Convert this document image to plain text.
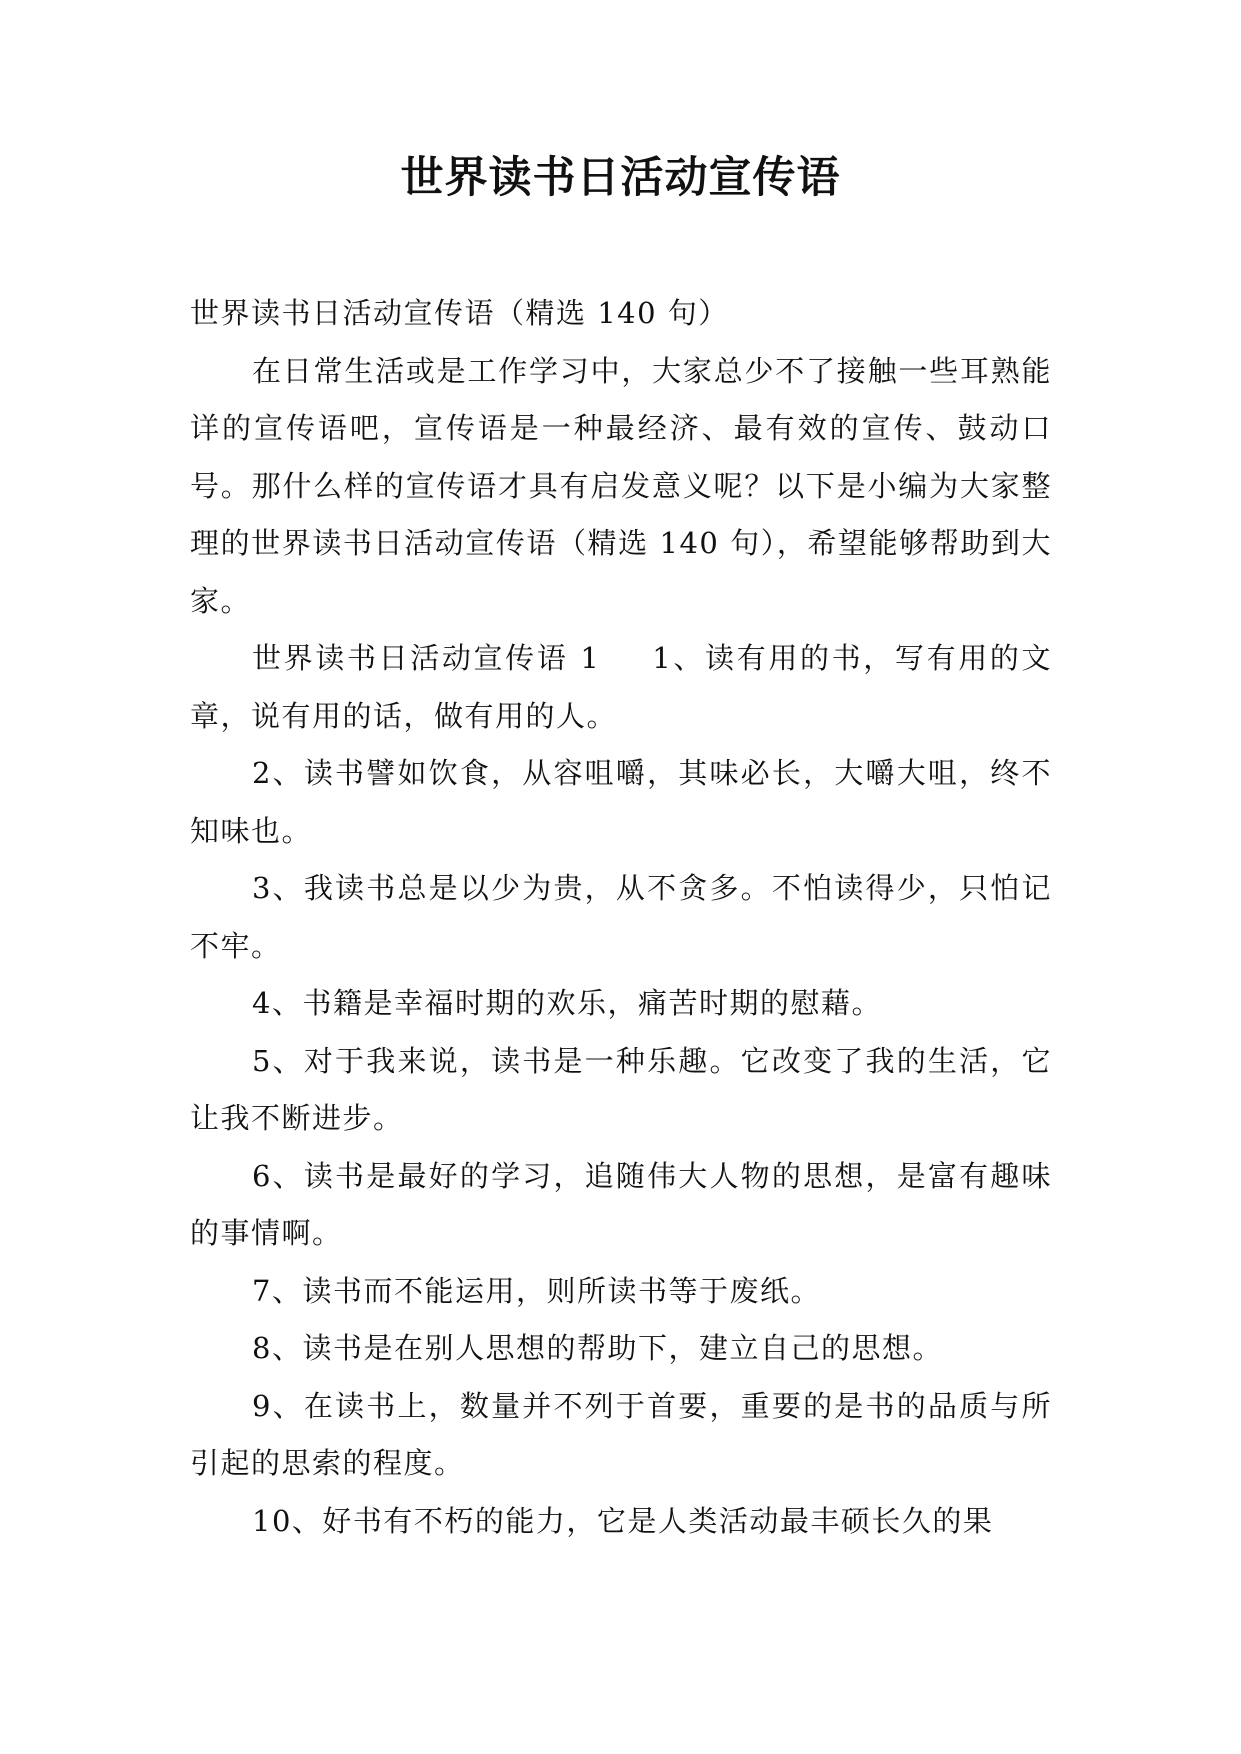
世界读书日活动宣传语

世界读书日活动宣传语（精选 140 句）

在日常生活或是工作学习中，大家总少不了接触一些耳熟能详的宣传语吧，宣传语是一种最经济、最有效的宣传、鼓动口号。那什么样的宣传语才具有启发意义呢？以下是小编为大家整理的世界读书日活动宣传语（精选 140 句），希望能够帮助到大家。

世界读书日活动宣传语 1 1、读有用的书，写有用的文章，说有用的话，做有用的人。

2、读书譬如饮食，从容咀嚼，其味必长，大嚼大咀，终不知味也。

3、我读书总是以少为贵，从不贪多。不怕读得少，只怕记不牢。

4、书籍是幸福时期的欢乐，痛苦时期的慰藉。

5、对于我来说，读书是一种乐趣。它改变了我的生活，它让我不断进步。

6、读书是最好的学习，追随伟大人物的思想，是富有趣味的事情啊。

7、读书而不能运用，则所读书等于废纸。

8、读书是在别人思想的帮助下，建立自己的思想。

9、在读书上，数量并不列于首要，重要的是书的品质与所引起的思索的程度。

10、好书有不朽的能力，它是人类活动最丰硕长久的果
